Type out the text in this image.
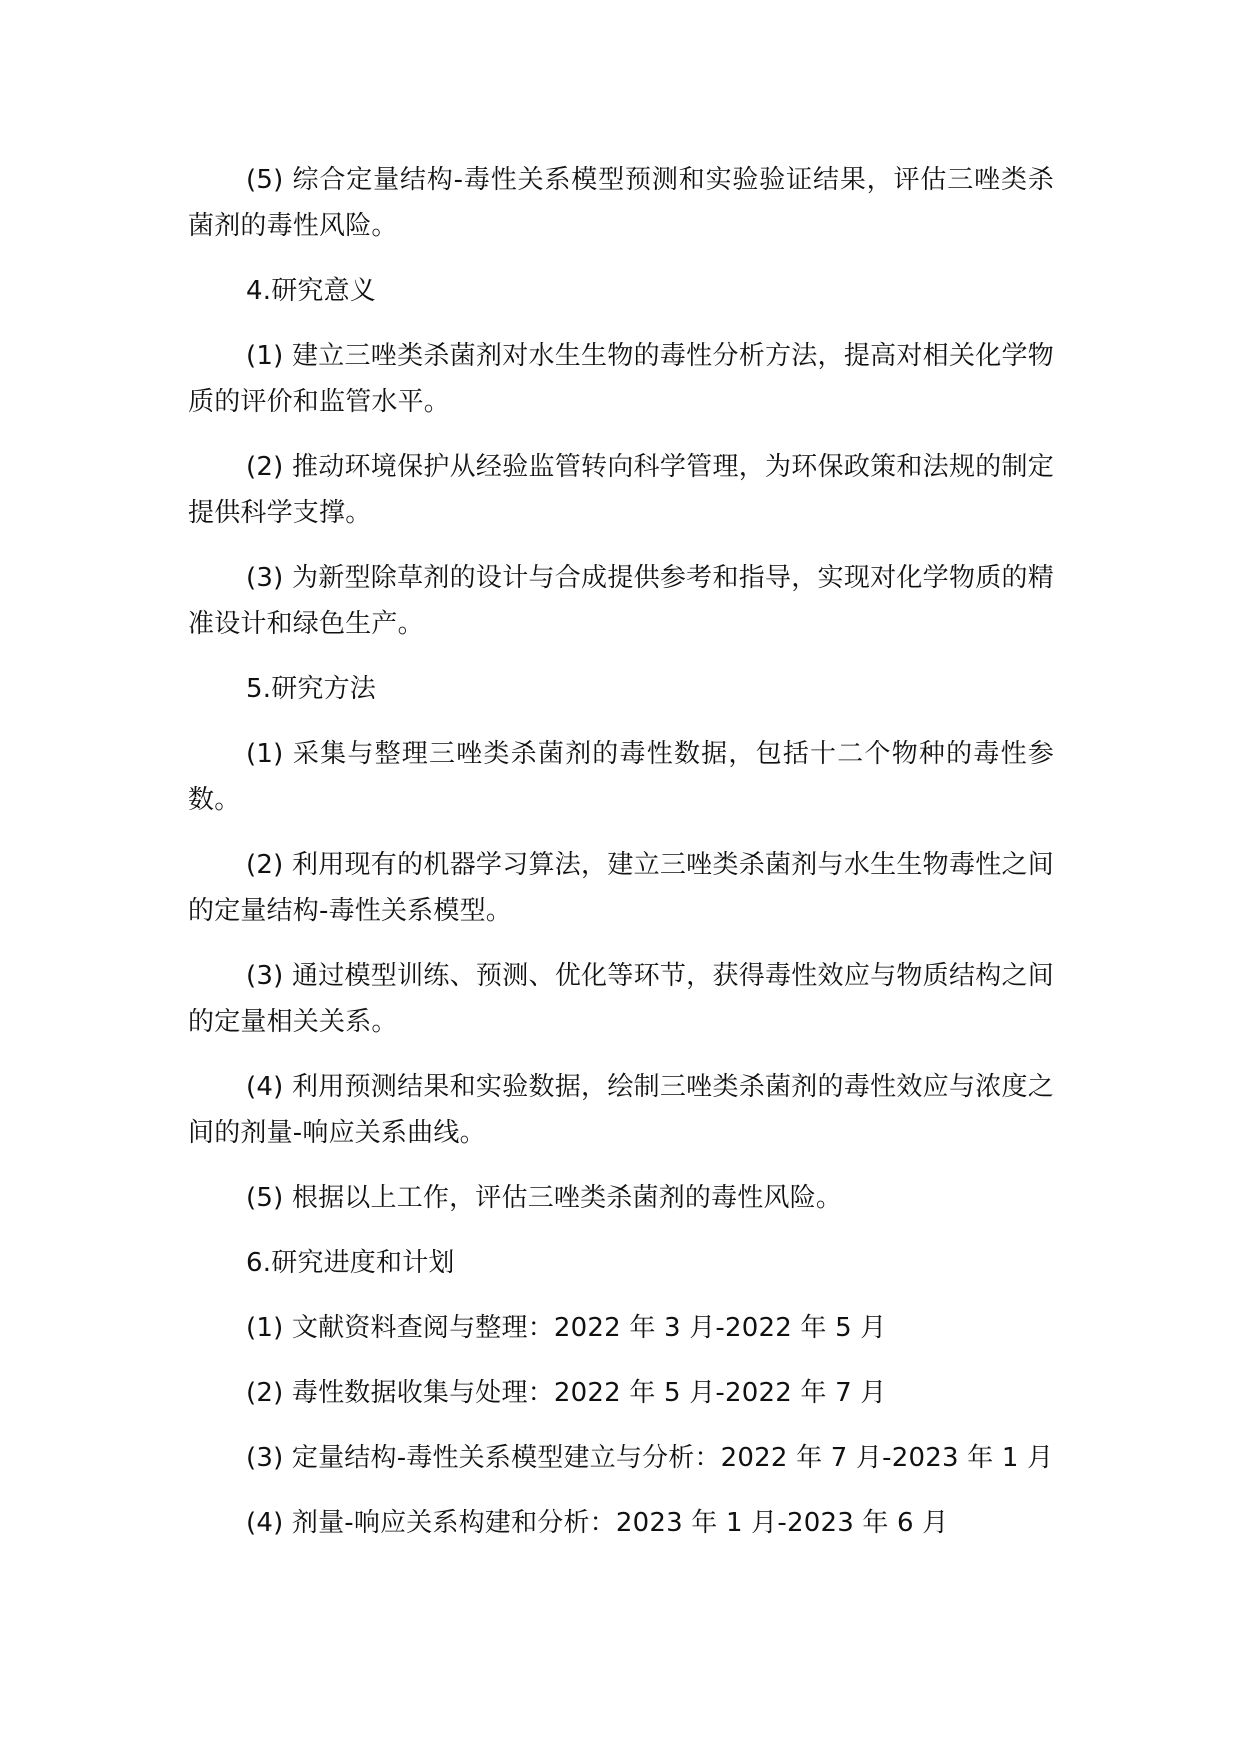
(5) 综合定量结构-毒性关系模型预测和实验验证结果，评估三唑类杀菌剂的毒性风险。

4.研究意义

(1) 建立三唑类杀菌剂对水生生物的毒性分析方法，提高对相关化学物质的评价和监管水平。

(2) 推动环境保护从经验监管转向科学管理，为环保政策和法规的制定提供科学支撑。

(3) 为新型除草剂的设计与合成提供参考和指导，实现对化学物质的精准设计和绿色生产。

5.研究方法

(1) 采集与整理三唑类杀菌剂的毒性数据，包括十二个物种的毒性参数。

(2) 利用现有的机器学习算法，建立三唑类杀菌剂与水生生物毒性之间的定量结构-毒性关系模型。

(3) 通过模型训练、预测、优化等环节，获得毒性效应与物质结构之间的定量相关关系。

(4) 利用预测结果和实验数据，绘制三唑类杀菌剂的毒性效应与浓度之间的剂量-响应关系曲线。

(5) 根据以上工作，评估三唑类杀菌剂的毒性风险。

6.研究进度和计划

(1) 文献资料查阅与整理：2022 年 3 月-2022 年 5 月

(2) 毒性数据收集与处理：2022 年 5 月-2022 年 7 月

(3) 定量结构-毒性关系模型建立与分析：2022 年 7 月-2023 年 1 月

(4) 剂量-响应关系构建和分析：2023 年 1 月-2023 年 6 月
